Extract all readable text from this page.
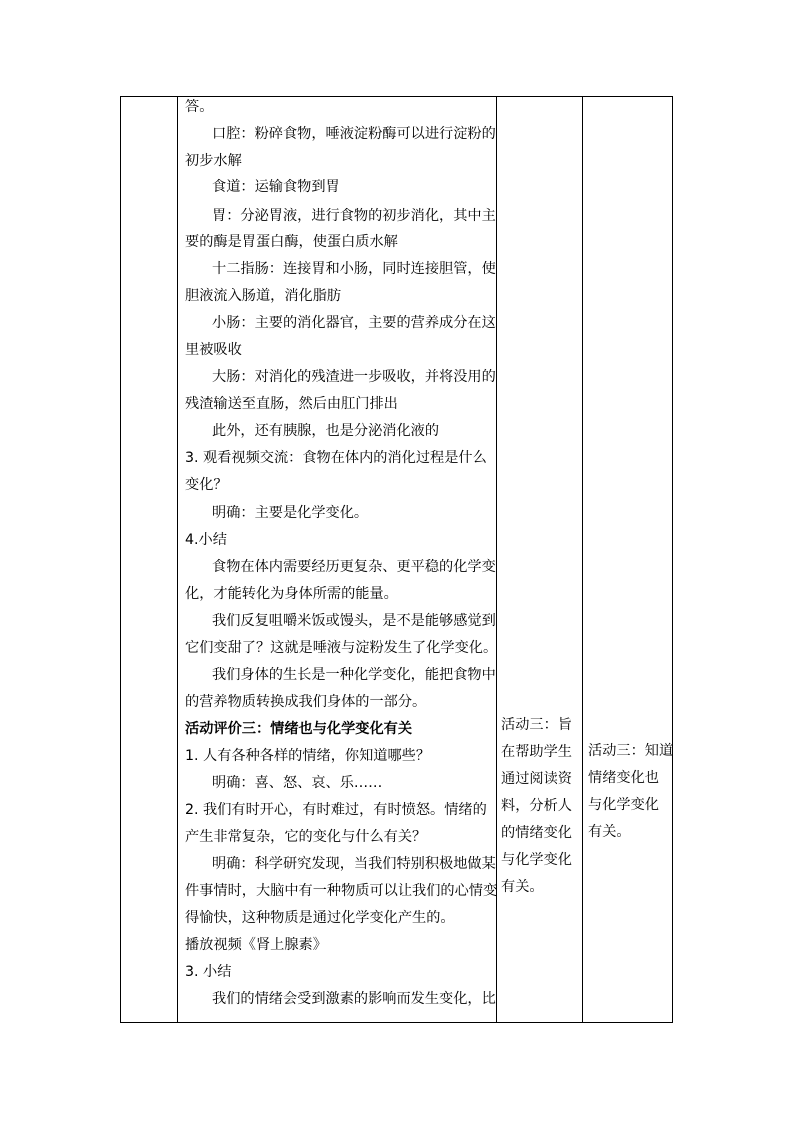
答。
口腔：粉碎食物，唾液淀粉酶可以进行淀粉的
初步水解
食道：运输食物到胃
胃：分泌胃液，进行食物的初步消化，其中主
要的酶是胃蛋白酶，使蛋白质水解
十二指肠：连接胃和小肠，同时连接胆管，使
胆液流入肠道，消化脂肪
小肠：主要的消化器官，主要的营养成分在这
里被吸收
大肠：对消化的残渣进一步吸收，并将没用的
残渣输送至直肠，然后由肛门排出
此外，还有胰腺，也是分泌消化液的
3. 观看视频交流：食物在体内的消化过程是什么
变化？
明确：主要是化学变化。
4.小结
食物在体内需要经历更复杂、更平稳的化学变
化，才能转化为身体所需的能量。
我们反复咀嚼米饭或馒头，是不是能够感觉到
它们变甜了？这就是唾液与淀粉发生了化学变化。
我们身体的生长是一种化学变化，能把食物中
的营养物质转换成我们身体的一部分。
活动评价三：情绪也与化学变化有关
1. 人有各种各样的情绪，你知道哪些？
明确：喜、怒、哀、乐……
2. 我们有时开心，有时难过，有时愤怒。情绪的
产生非常复杂，它的变化与什么有关？
明确：科学研究发现，当我们特别积极地做某
件事情时，大脑中有一种物质可以让我们的心情变
得愉快，这种物质是通过化学变化产生的。
播放视频《肾上腺素》
3. 小结
我们的情绪会受到激素的影响而发生变化，比
活动三：旨
在帮助学生
通过阅读资
料，分析人
的情绪变化
与化学变化
有关。
活动三：知道
情绪变化也
与化学变化
有关。
